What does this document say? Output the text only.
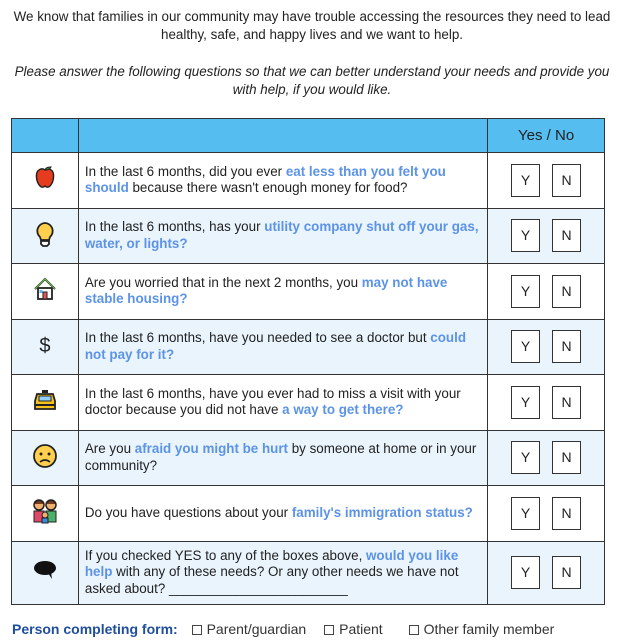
We know that families in our community may have trouble accessing the resources they need to lead healthy, safe, and happy lives and we want to help.
Please answer the following questions so that we can better understand your needs and provide you with help, if you would like.
		Yes / No
	In the last 6 months, did you ever eat less than you felt you should because there wasn't enough money for food?	Y N
	In the last 6 months, has your utility company shut off your gas, water, or lights?	Y N
	Are you worried that in the next 2 months, you may not have stable housing?	Y N
$	In the last 6 months, have you needed to see a doctor but could not pay for it?	Y N
	In the last 6 months, have you ever had to miss a visit with your doctor because you did not have a way to get there?	Y N
	Are you afraid you might be hurt by someone at home or in your community?	Y N
	Do you have questions about your family's immigration status?	Y N
	If you checked YES to any of the boxes above, would you like help with any of these needs? Or any other needs we have not asked about? ________________________	Y N
Person completing form: Parent/guardian Patient	Other family member
